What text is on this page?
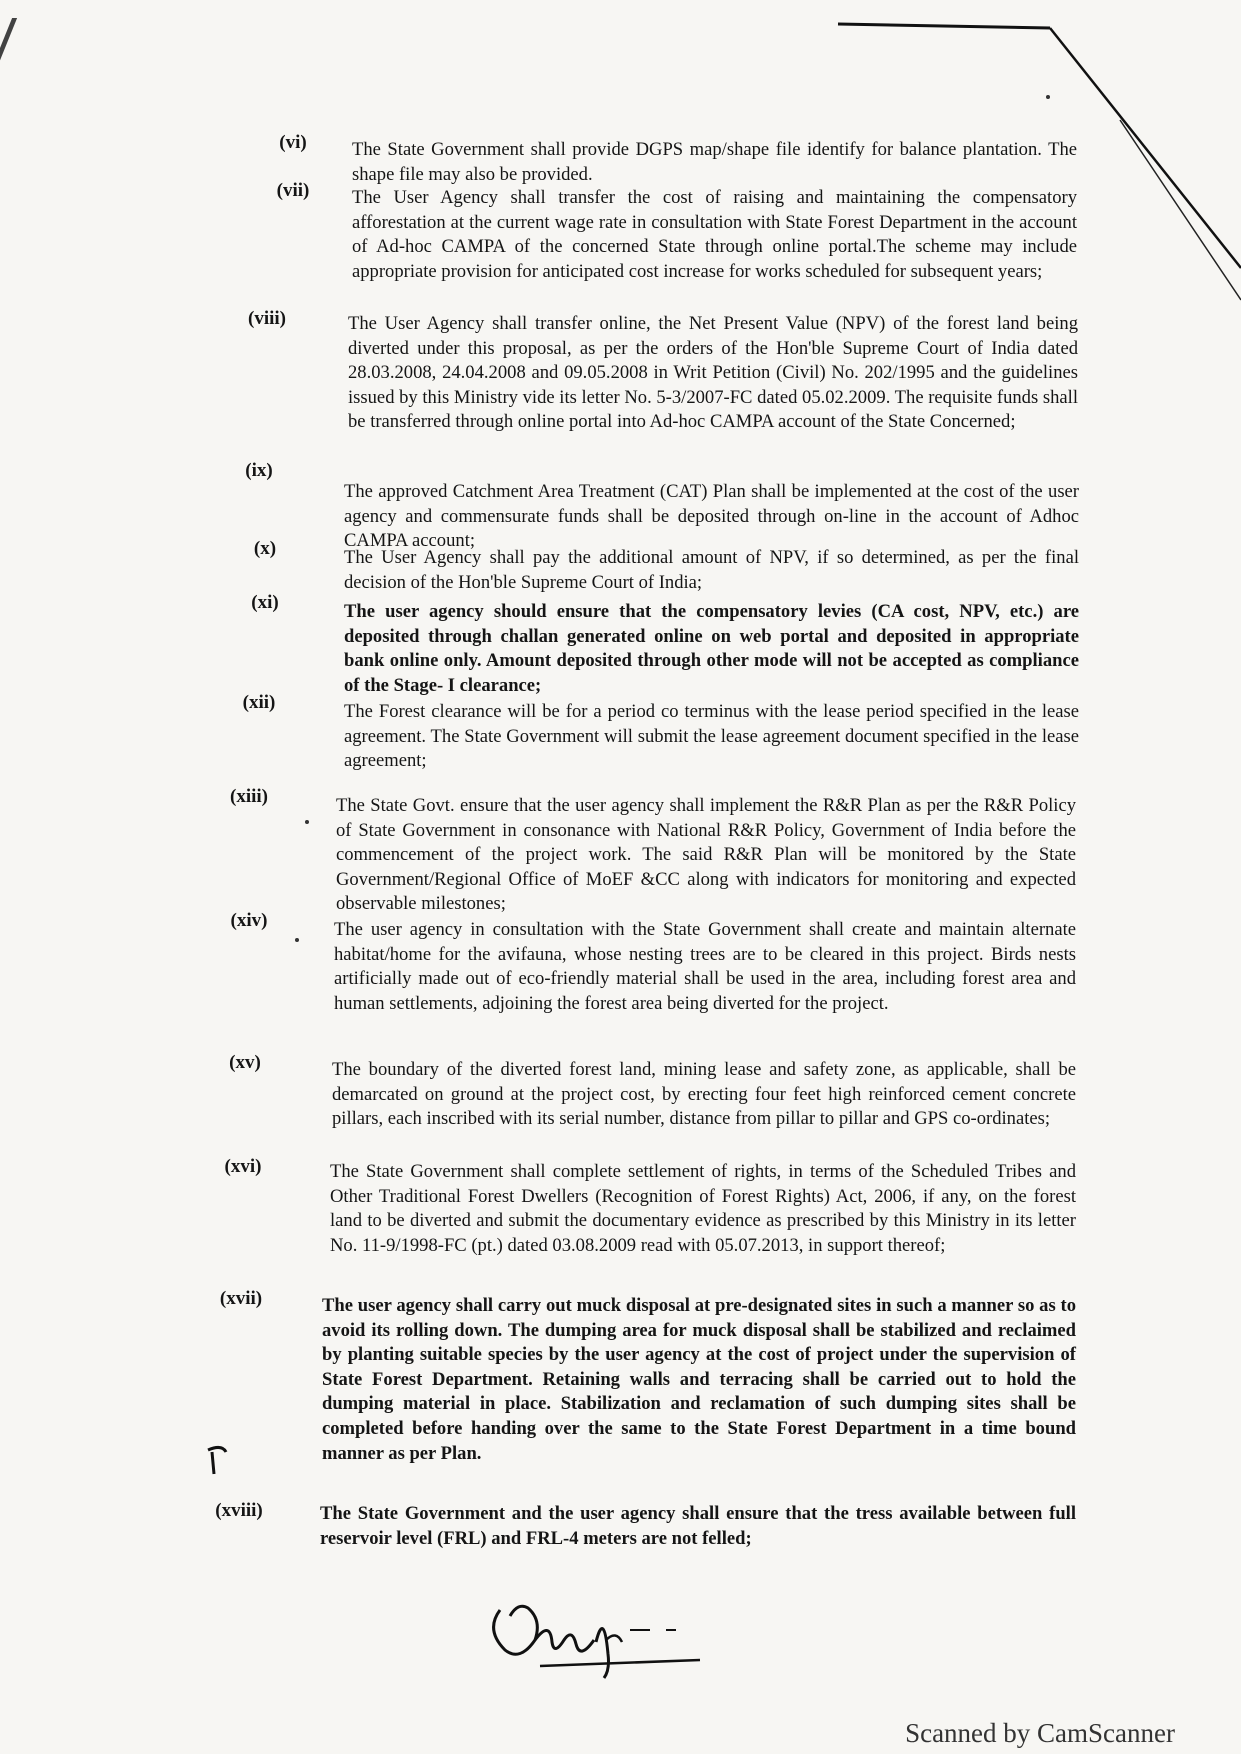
(vi)	The State Government shall provide DGPS map/shape file identify for balance plantation. The shape file may also be provided.
(vii)	The User Agency shall transfer the cost of raising and maintaining the compensatory afforestation at the current wage rate in consultation with State Forest Department in the account of Ad-hoc CAMPA of the concerned State through online portal.The scheme may include appropriate provision for anticipated cost increase for works scheduled for subsequent years;
(viii)	The User Agency shall transfer online, the Net Present Value (NPV) of the forest land being diverted under this proposal, as per the orders of the Hon'ble Supreme Court of India dated 28.03.2008, 24.04.2008 and 09.05.2008 in Writ Petition (Civil) No. 202/1995 and the guidelines issued by this Ministry vide its letter No. 5-3/2007-FC dated 05.02.2009. The requisite funds shall be transferred through online portal into Ad-hoc CAMPA account of the State Concerned;
(ix)
The approved Catchment Area Treatment (CAT) Plan shall be implemented at the cost of the user agency and commensurate funds shall be deposited through on-line in the account of Adhoc CAMPA account;
(x)	The User Agency shall pay the additional amount of NPV, if so determined, as per the final decision of the Hon'ble Supreme Court of India;
(xi)	The user agency should ensure that the compensatory levies (CA cost, NPV, etc.) are deposited through challan generated online on web portal and deposited in appropriate bank online only. Amount deposited through other mode will not be accepted as compliance of the Stage- I clearance;
(xii)	The Forest clearance will be for a period co terminus with the lease period specified in the lease agreement. The State Government will submit the lease agreement document specified in the lease agreement;
(xiii)	The State Govt. ensure that the user agency shall implement the R&R Plan as per the R&R Policy of State Government in consonance with National R&R Policy, Government of India before the commencement of the project work. The said R&R Plan will be monitored by the State Government/Regional Office of MoEF &CC along with indicators for monitoring and expected observable milestones;
(xiv)	The user agency in consultation with the State Government shall create and maintain alternate habitat/home for the avifauna, whose nesting trees are to be cleared in this project. Birds nests artificially made out of eco-friendly material shall be used in the area, including forest area and human settlements, adjoining the forest area being diverted for the project.
(xv)	The boundary of the diverted forest land, mining lease and safety zone, as applicable, shall be demarcated on ground at the project cost, by erecting four feet high reinforced cement concrete pillars, each inscribed with its serial number, distance from pillar to pillar and GPS co-ordinates;
(xvi)	The State Government shall complete settlement of rights, in terms of the Scheduled Tribes and Other Traditional Forest Dwellers (Recognition of Forest Rights) Act, 2006, if any, on the forest land to be diverted and submit the documentary evidence as prescribed by this Ministry in its letter No. 11-9/1998-FC (pt.) dated 03.08.2009 read with 05.07.2013, in support thereof;
(xvii)	The user agency shall carry out muck disposal at pre-designated sites in such a manner so as to avoid its rolling down. The dumping area for muck disposal shall be stabilized and reclaimed by planting suitable species by the user agency at the cost of project under the supervision of State Forest Department. Retaining walls and terracing shall be carried out to hold the dumping material in place. Stabilization and reclamation of such dumping sites shall be completed before handing over the same to the State Forest Department in a time bound manner as per Plan.
(xviii)	The State Government and the user agency shall ensure that the tress available between full reservoir level (FRL) and FRL-4 meters are not felled;
Scanned by CamScanner
